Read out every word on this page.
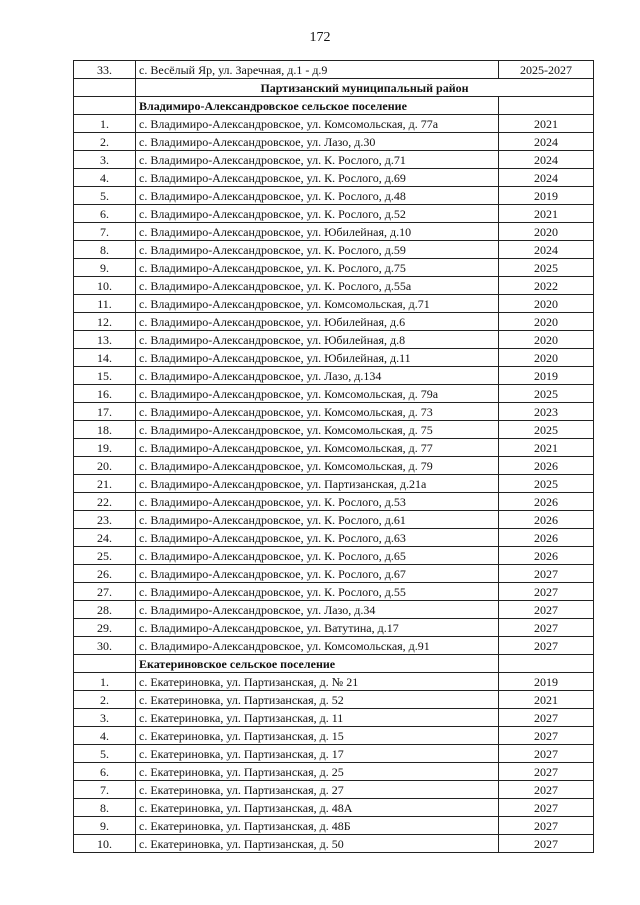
172
33.	с. Весёлый Яр, ул. Заречная, д.1 - д.9	2025-2027
	Партизанский муниципальный район	
	Владимиро-Александровское сельское поселение	
1.	с. Владимиро-Александровское, ул. Комсомольская, д. 77а	2021
2.	с. Владимиро-Александровское, ул. Лазо, д.30	2024
3.	с. Владимиро-Александровское, ул. К. Рослого, д.71	2024
4.	с. Владимиро-Александровское, ул. К. Рослого, д.69	2024
5.	с. Владимиро-Александровское, ул. К. Рослого, д.48	2019
6.	с. Владимиро-Александровское, ул. К. Рослого, д.52	2021
7.	с. Владимиро-Александровское, ул. Юбилейная, д.10	2020
8.	с. Владимиро-Александровское, ул. К. Рослого, д.59	2024
9.	с. Владимиро-Александровское, ул. К. Рослого, д.75	2025
10.	с. Владимиро-Александровское, ул. К. Рослого, д.55а	2022
11.	с. Владимиро-Александровское, ул. Комсомольская, д.71	2020
12.	с. Владимиро-Александровское, ул. Юбилейная, д.6	2020
13.	с. Владимиро-Александровское, ул. Юбилейная, д.8	2020
14.	с. Владимиро-Александровское, ул. Юбилейная, д.11	2020
15.	с. Владимиро-Александровское, ул. Лазо, д.134	2019
16.	с. Владимиро-Александровское, ул. Комсомольская, д. 79а	2025
17.	с. Владимиро-Александровское, ул. Комсомольская, д. 73	2023
18.	с. Владимиро-Александровское, ул. Комсомольская, д. 75	2025
19.	с. Владимиро-Александровское, ул. Комсомольская, д. 77	2021
20.	с. Владимиро-Александровское, ул. Комсомольская, д. 79	2026
21.	с. Владимиро-Александровское, ул. Партизанская, д.21а	2025
22.	с. Владимиро-Александровское, ул. К. Рослого, д.53	2026
23.	с. Владимиро-Александровское, ул. К. Рослого, д.61	2026
24.	с. Владимиро-Александровское, ул. К. Рослого, д.63	2026
25.	с. Владимиро-Александровское, ул. К. Рослого, д.65	2026
26.	с. Владимиро-Александровское, ул. К. Рослого, д.67	2027
27.	с. Владимиро-Александровское, ул. К. Рослого, д.55	2027
28.	с. Владимиро-Александровское, ул. Лазо, д.34	2027
29.	с. Владимиро-Александровское, ул. Ватутина, д.17	2027
30.	с. Владимиро-Александровское, ул. Комсомольская, д.91	2027
	Екатериновское сельское поселение	
1.	с. Екатериновка, ул. Партизанская, д. № 21	2019
2.	с. Екатериновка, ул. Партизанская, д. 52	2021
3.	с. Екатериновка, ул. Партизанская, д. 11	2027
4.	с. Екатериновка, ул. Партизанская, д. 15	2027
5.	с. Екатериновка, ул. Партизанская, д. 17	2027
6.	с. Екатериновка, ул. Партизанская, д. 25	2027
7.	с. Екатериновка, ул. Партизанская, д. 27	2027
8.	с. Екатериновка, ул. Партизанская, д. 48А	2027
9.	с. Екатериновка, ул. Партизанская, д. 48Б	2027
10.	с. Екатериновка, ул. Партизанская, д. 50	2027
